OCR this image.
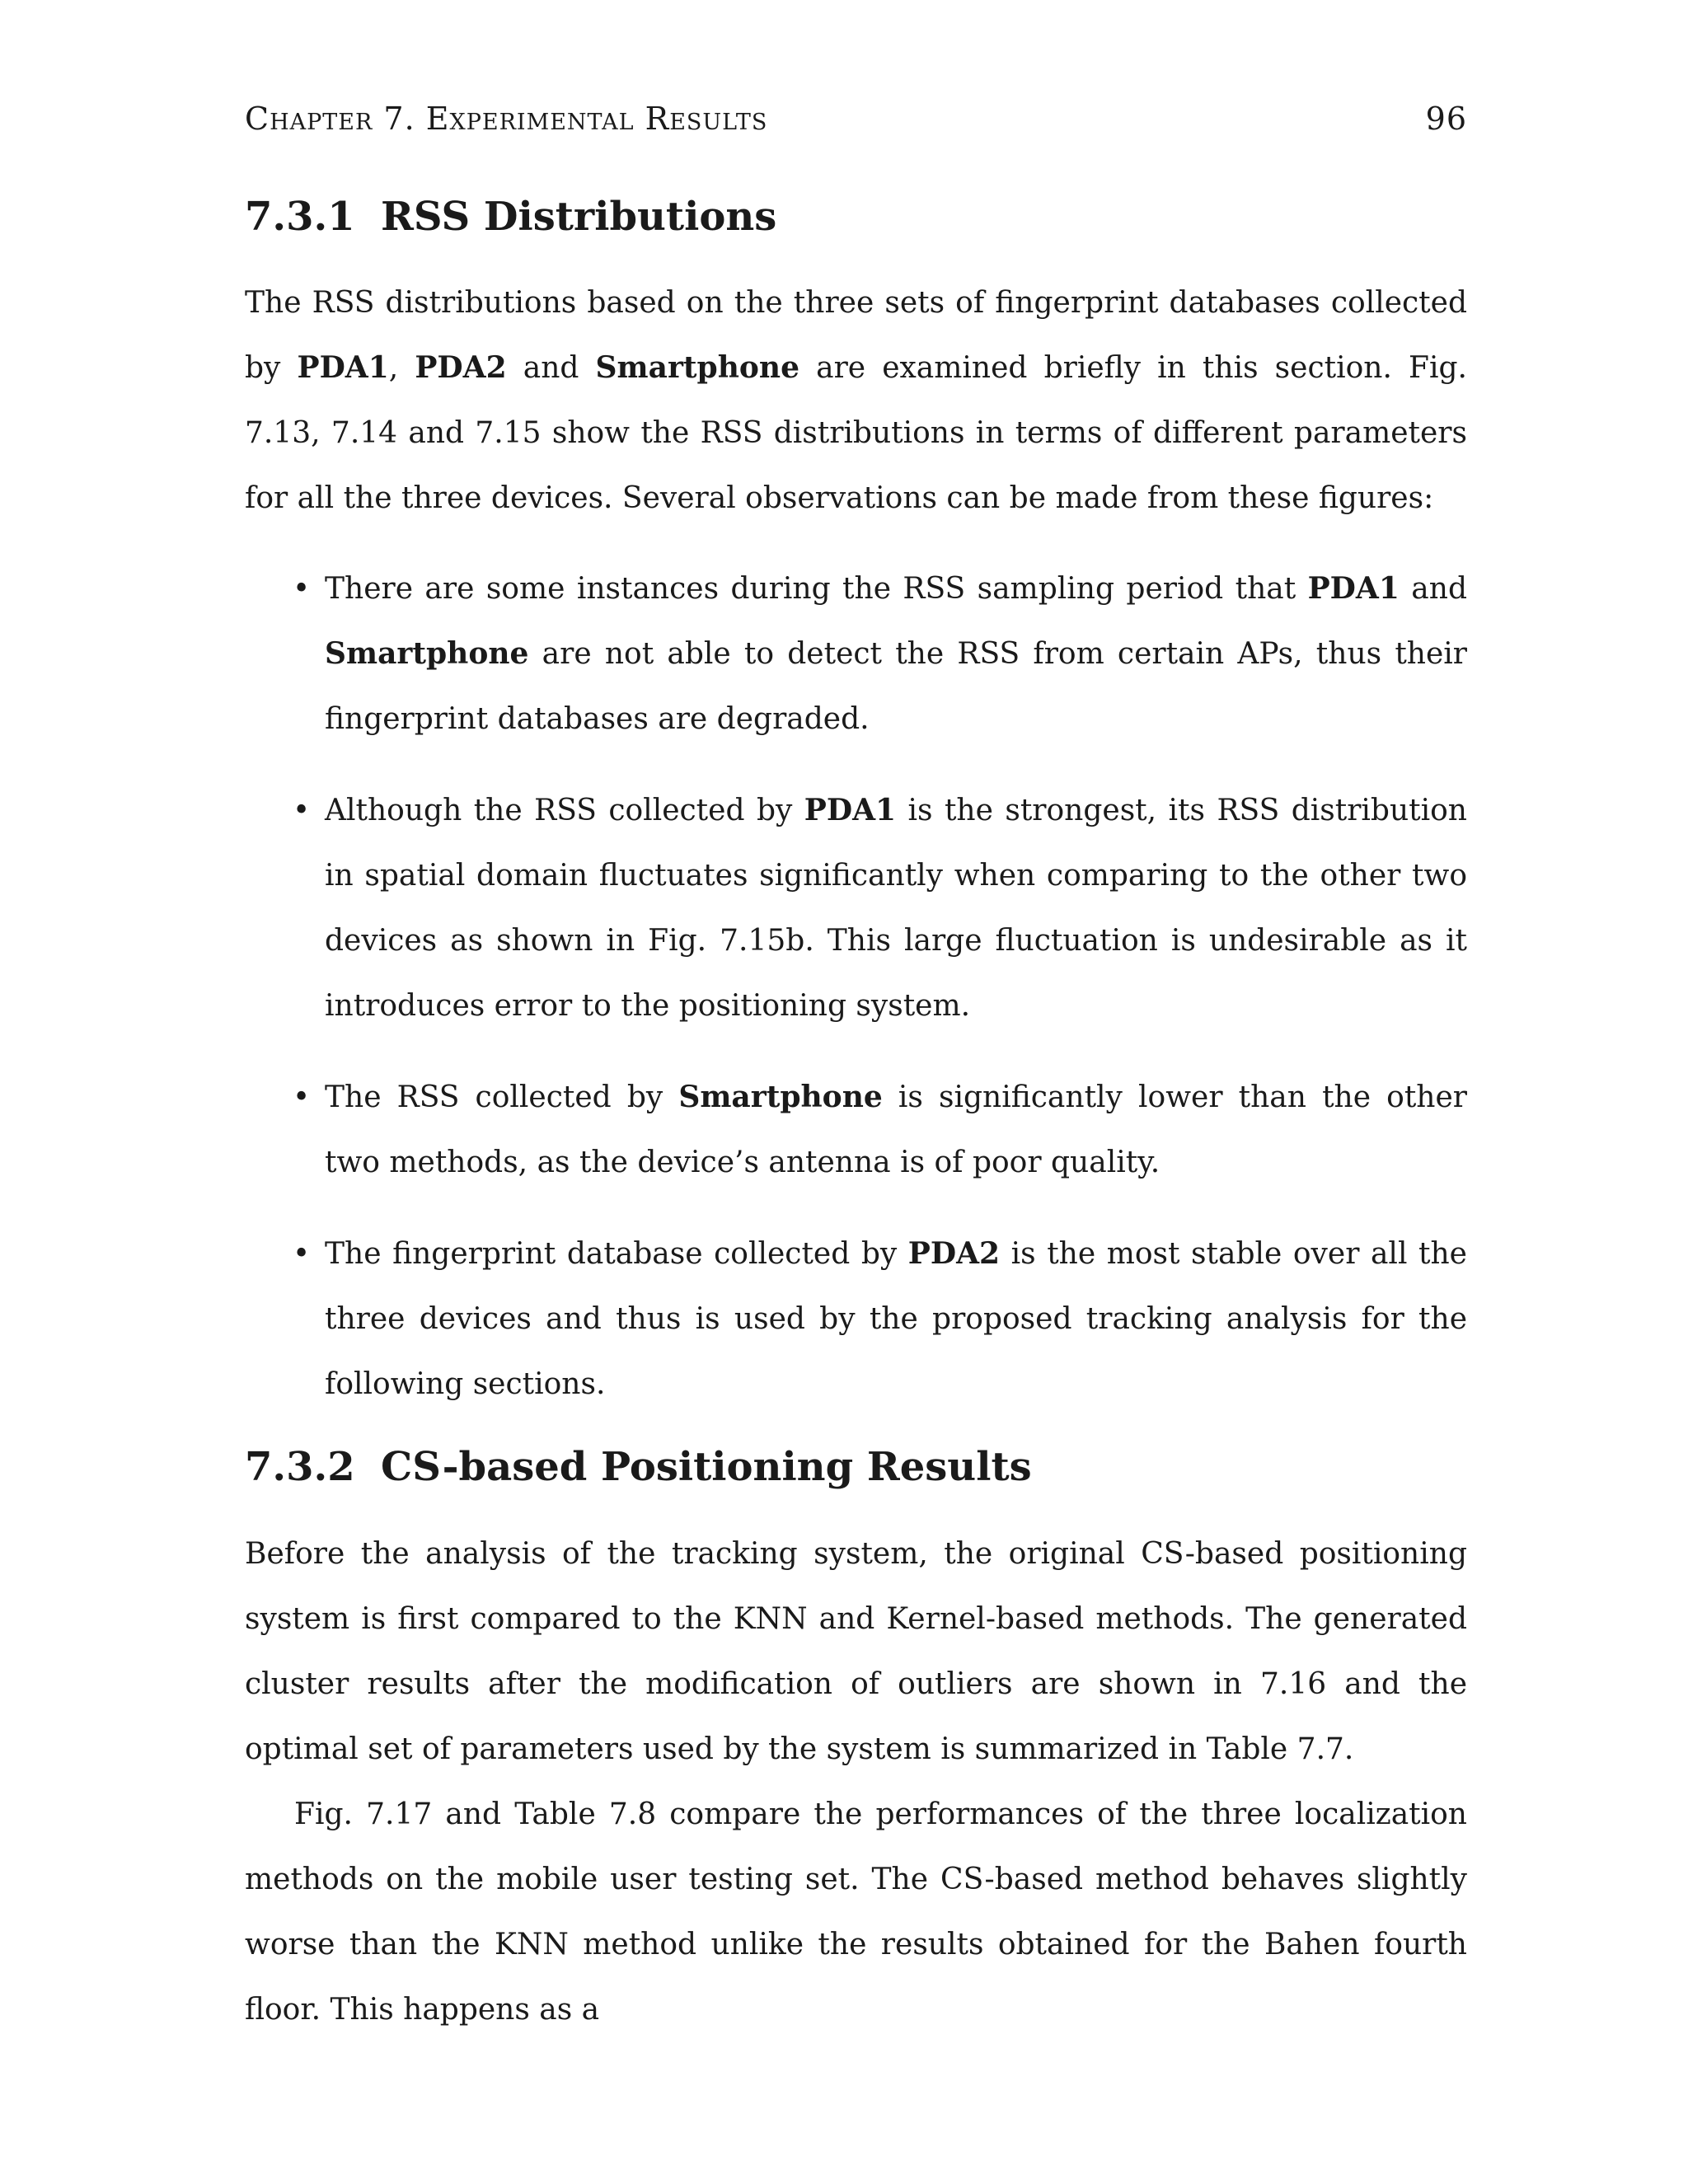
Chapter 7. Experimental Results	96
7.3.1 RSS Distributions

The RSS distributions based on the three sets of fingerprint databases collected by PDA1, PDA2 and Smartphone are examined briefly in this section. Fig. 7.13, 7.14 and 7.15 show the RSS distributions in terms of different parameters for all the three devices. Several observations can be made from these figures:

• There are some instances during the RSS sampling period that PDA1 and Smartphone are not able to detect the RSS from certain APs, thus their fingerprint databases are degraded.
• Although the RSS collected by PDA1 is the strongest, its RSS distribution in spatial domain fluctuates significantly when comparing to the other two devices as shown in Fig. 7.15b. This large fluctuation is undesirable as it introduces error to the positioning system.
• The RSS collected by Smartphone is significantly lower than the other two methods, as the device’s antenna is of poor quality.
• The fingerprint database collected by PDA2 is the most stable over all the three devices and thus is used by the proposed tracking analysis for the following sections.
7.3.2 CS-based Positioning Results

Before the analysis of the tracking system, the original CS-based positioning system is first compared to the KNN and Kernel-based methods. The generated cluster results after the modification of outliers are shown in 7.16 and the optimal set of parameters used by the system is summarized in Table 7.7.

Fig. 7.17 and Table 7.8 compare the performances of the three localization methods on the mobile user testing set. The CS-based method behaves slightly worse than the KNN method unlike the results obtained for the Bahen fourth floor. This happens as a
